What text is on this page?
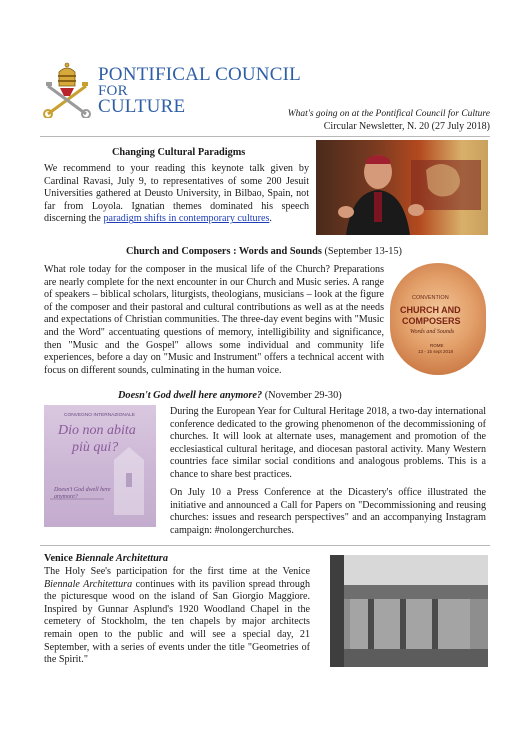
PONTIFICAL COUNCIL
FOR
CULTURE	What's going on at the Pontifical Council for Culture
Circular Newsletter, N. 20 (27 July 2018)
Changing Cultural Paradigms
We recommend to your reading this keynote talk given by Cardinal Ravasi, July 9, to representatives of some 200 Jesuit Universities gathered at Deusto University, in Bilbao, Spain, not far from Loyola. Ignatian themes dominated his speech discerning the paradigm shifts in contemporary cultures.
Church and Composers : Words and Sounds (September 13-15)
What role today for the composer in the musical life of the Church? Preparations are nearly complete for the next encounter in our Church and Music series. A range of speakers – biblical scholars, liturgists, theologians, musicians – look at the figure of the composer and their pastoral and cultural contributions as well as at the needs and expectations of Christian communities. The three-day event begins with "Music and the Word" accentuating questions of memory, intelligibility and significance, then "Music and the Gospel" allows some individual and community life experiences, before a day on "Music and Instrument" offers a technical accent with focus on different sounds, culminating in the human voice.
CONVENTION
CHURCH AND
COMPOSERS
Words and Sounds
ROME
13 - 15 sept 2018
Doesn't God dwell here anymore? (November 29-30)
CONVEGNO INTERNAZIONALE
Dio non abita
più qui?
Doesn't God dwell here anymore?
During the European Year for Cultural Heritage 2018, a two-day international conference dedicated to the growing phenomenon of the decommissioning of churches. It will look at alternate uses, management and promotion of the ecclesiastical cultural heritage, and diocesan pastoral activity. Many Western countries face similar social conditions and analogous problems. This is a chance to share best practices.
On July 10 a Press Conference at the Dicastery's office illustrated the initiative and announced a Call for Papers on "Decommissioning and reusing churches: issues and research perspectives" and an accompanying Instagram campaign: #nolongerchurches.
Venice Biennale Architettura
The Holy See's participation for the first time at the Venice Biennale Architettura continues with its pavilion spread through the picturesque wood on the island of San Giorgio Maggiore. Inspired by Gunnar Asplund's 1920 Woodland Chapel in the cemetery of Stockholm, the ten chapels by major architects remain open to the public and will see a special day, 21 September, with a series of events under the title "Geometries of the Spirit."
